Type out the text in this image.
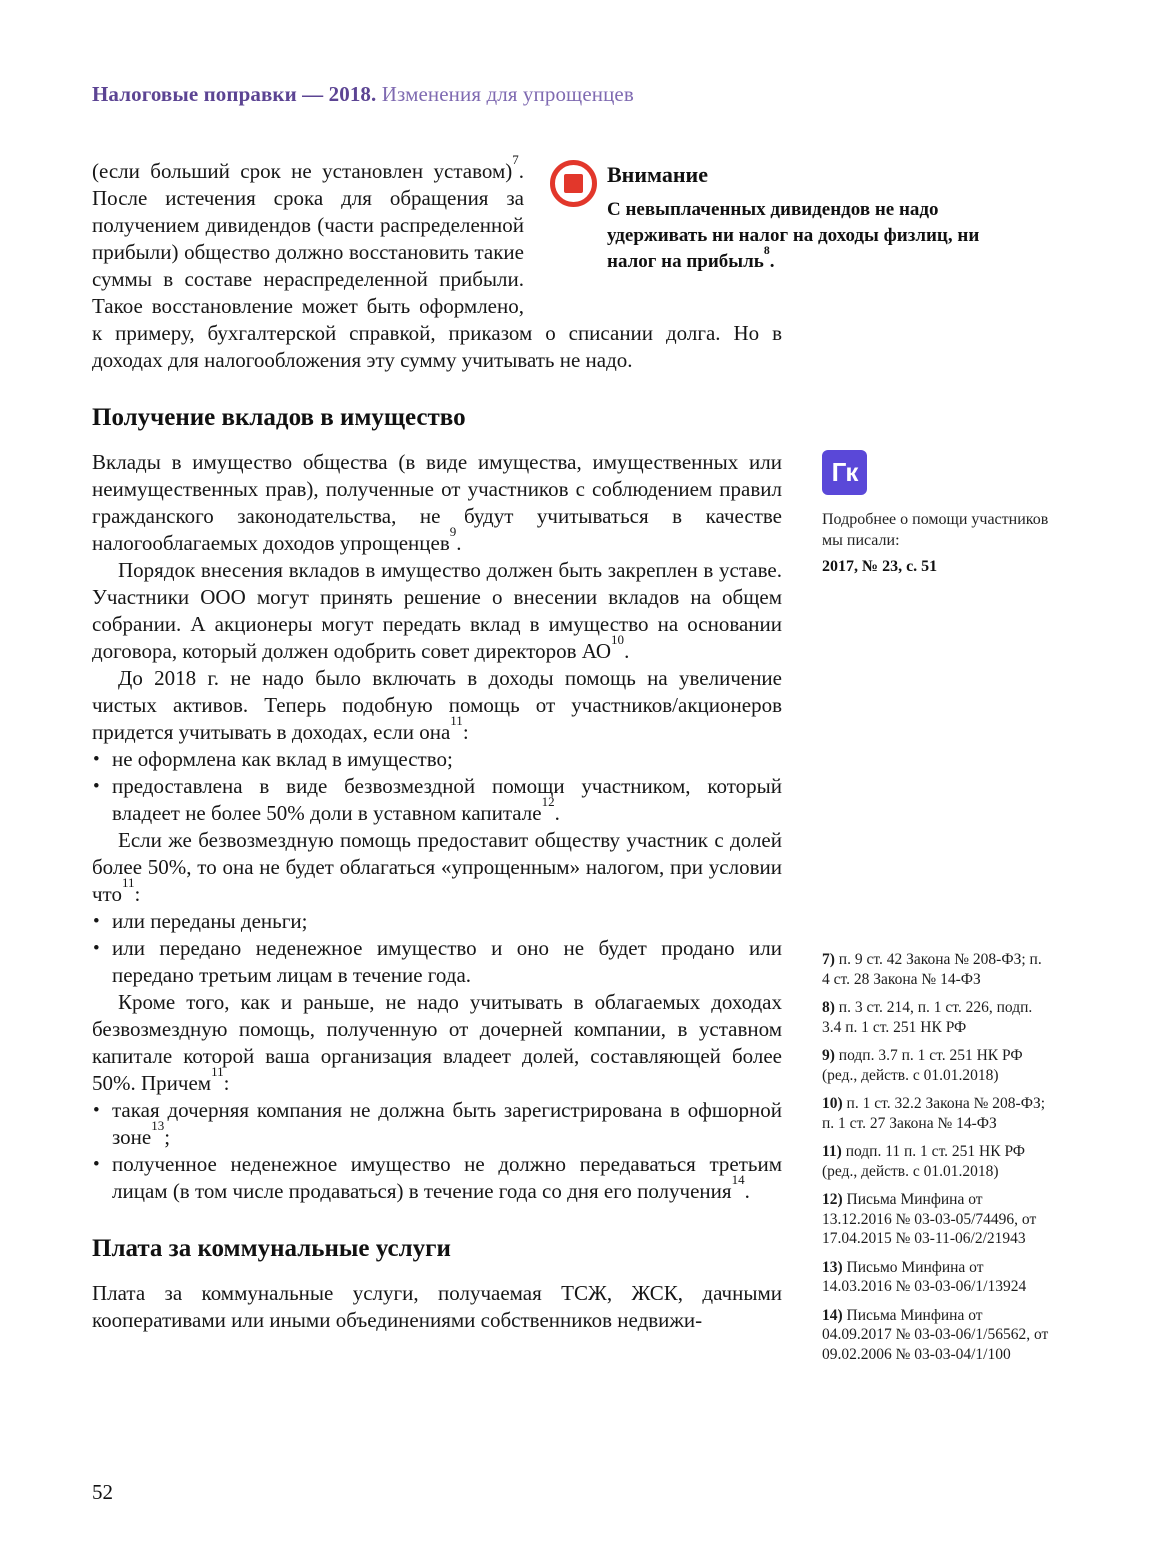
Налоговые поправки — 2018. Изменения для упрощенцев
Внимание
С невыплаченных дивидендов не надо удерживать ни налог на доходы физлиц, ни налог на прибыль$^8$.

(если больший срок не установлен уставом)$^7$. После истечения срока для обращения за получением дивидендов (части распределенной прибыли) общество должно восстановить такие суммы в составе нераспределенной прибыли. Такое восстановление может быть оформлено, к примеру, бухгалтерской справкой, приказом о списании долга. Но в доходах для налогообложения эту сумму учитывать не надо.

Получение вкладов в имущество

Вклады в имущество общества (в виде имущества, имущественных или неимущественных прав), полученные от участников с соблюдением правил гражданского законодательства, не будут учитываться в качестве налогооблагаемых доходов упрощенцев$^9$.

Порядок внесения вкладов в имущество должен быть закреплен в уставе. Участники ООО могут принять решение о внесении вкладов на общем собрании. А акционеры могут передать вклад в имущество на основании договора, который должен одобрить совет директоров АО$^{10}$.

До 2018 г. не надо было включать в доходы помощь на увеличение чистых активов. Теперь подобную помощь от участников/акционеров придется учитывать в доходах, если она$^{11}$:

• не оформлена как вклад в имущество;
• предоставлена в виде безвозмездной помощи участником, который владеет не более 50% доли в уставном капитале$^{12}$.

Если же безвозмездную помощь предоставит обществу участник с долей более 50%, то она не будет облагаться «упрощенным» налогом, при условии что$^{11}$:

• или переданы деньги;
• или передано неденежное имущество и оно не будет продано или передано третьим лицам в течение года.

Кроме того, как и раньше, не надо учитывать в облагаемых доходах безвозмездную помощь, полученную от дочерней компании, в уставном капитале которой ваша организация владеет долей, составляющей более 50%. Причем$^{11}$:

• такая дочерняя компания не должна быть зарегистрирована в офшорной зоне$^{13}$;
• полученное неденежное имущество не должно передаваться третьим лицам (в том числе продаваться) в течение года со дня его получения$^{14}$.
Плата за коммунальные услуги

Плата за коммунальные услуги, получаемая ТСЖ, ЖСК, дачными кооперативами или иными объединениями собственников недвижи-

Гк
Подробнее о помощи участников мы писали:
2017, № 23, с. 51
7) п. 9 ст. 42 Закона № 208-ФЗ; п. 4 ст. 28 Закона № 14-ФЗ
8) п. 3 ст. 214, п. 1 ст. 226, подп. 3.4 п. 1 ст. 251 НК РФ
9) подп. 3.7 п. 1 ст. 251 НК РФ (ред., действ. с 01.01.2018)
10) п. 1 ст. 32.2 Закона № 208-ФЗ; п. 1 ст. 27 Закона № 14-ФЗ
11) подп. 11 п. 1 ст. 251 НК РФ (ред., действ. с 01.01.2018)
12) Письма Минфина от 13.12.2016 № 03-03-05/74496, от 17.04.2015 № 03-11-06/2/21943
13) Письмо Минфина от 14.03.2016 № 03-03-06/1/13924
14) Письма Минфина от 04.09.2017 № 03-03-06/1/56562, от 09.02.2006 № 03-03-04/1/100
52
